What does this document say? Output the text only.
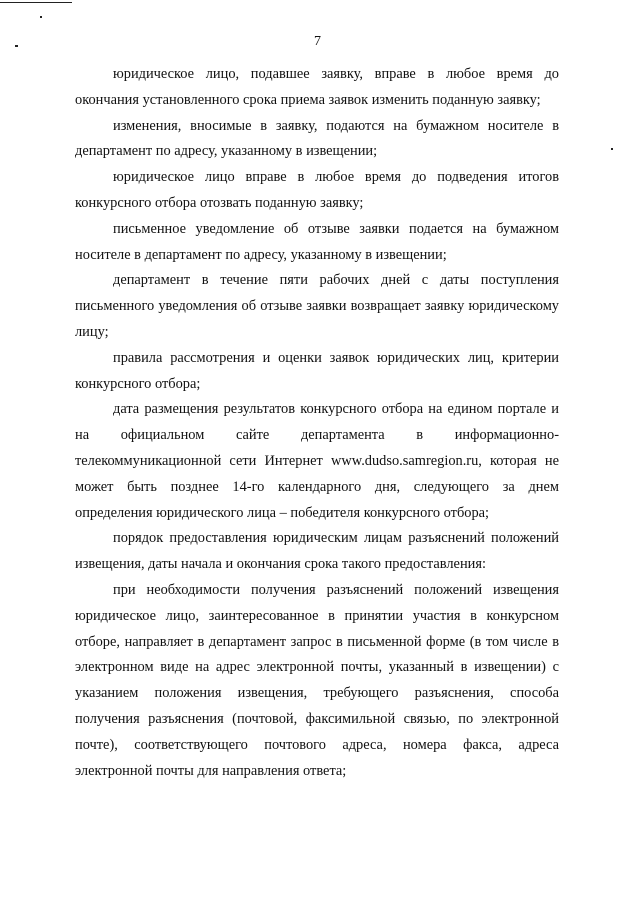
7

юридическое лицо, подавшее заявку, вправе в любое время до окончания установленного срока приема заявок изменить поданную заявку;

изменения, вносимые в заявку, подаются на бумажном носителе в департамент по адресу, указанному в извещении;

юридическое лицо вправе в любое время до подведения итогов конкурсного отбора отозвать поданную заявку;

письменное уведомление об отзыве заявки подается на бумажном носителе в департамент по адресу, указанному в извещении;

департамент в течение пяти рабочих дней с даты поступления письменного уведомления об отзыве заявки возвращает заявку юридическому лицу;

правила рассмотрения и оценки заявок юридических лиц, критерии конкурсного отбора;

дата размещения результатов конкурсного отбора на едином портале и на официальном сайте департамента в информационно-телекоммуникационной сети Интернет www.dudso.samregion.ru, которая не может быть позднее 14-го календарного дня, следующего за днем определения юридического лица – победителя конкурсного отбора;

порядок предоставления юридическим лицам разъяснений положений извещения, даты начала и окончания срока такого предоставления:

при необходимости получения разъяснений положений извещения юридическое лицо, заинтересованное в принятии участия в конкурсном отборе, направляет в департамент запрос в письменной форме (в том числе в электронном виде на адрес электронной почты, указанный в извещении) с указанием положения извещения, требующего разъяснения, способа получения разъяснения (почтовой, факсимильной связью, по электронной почте), соответствующего почтового адреса, номера факса, адреса электронной почты для направления ответа;
